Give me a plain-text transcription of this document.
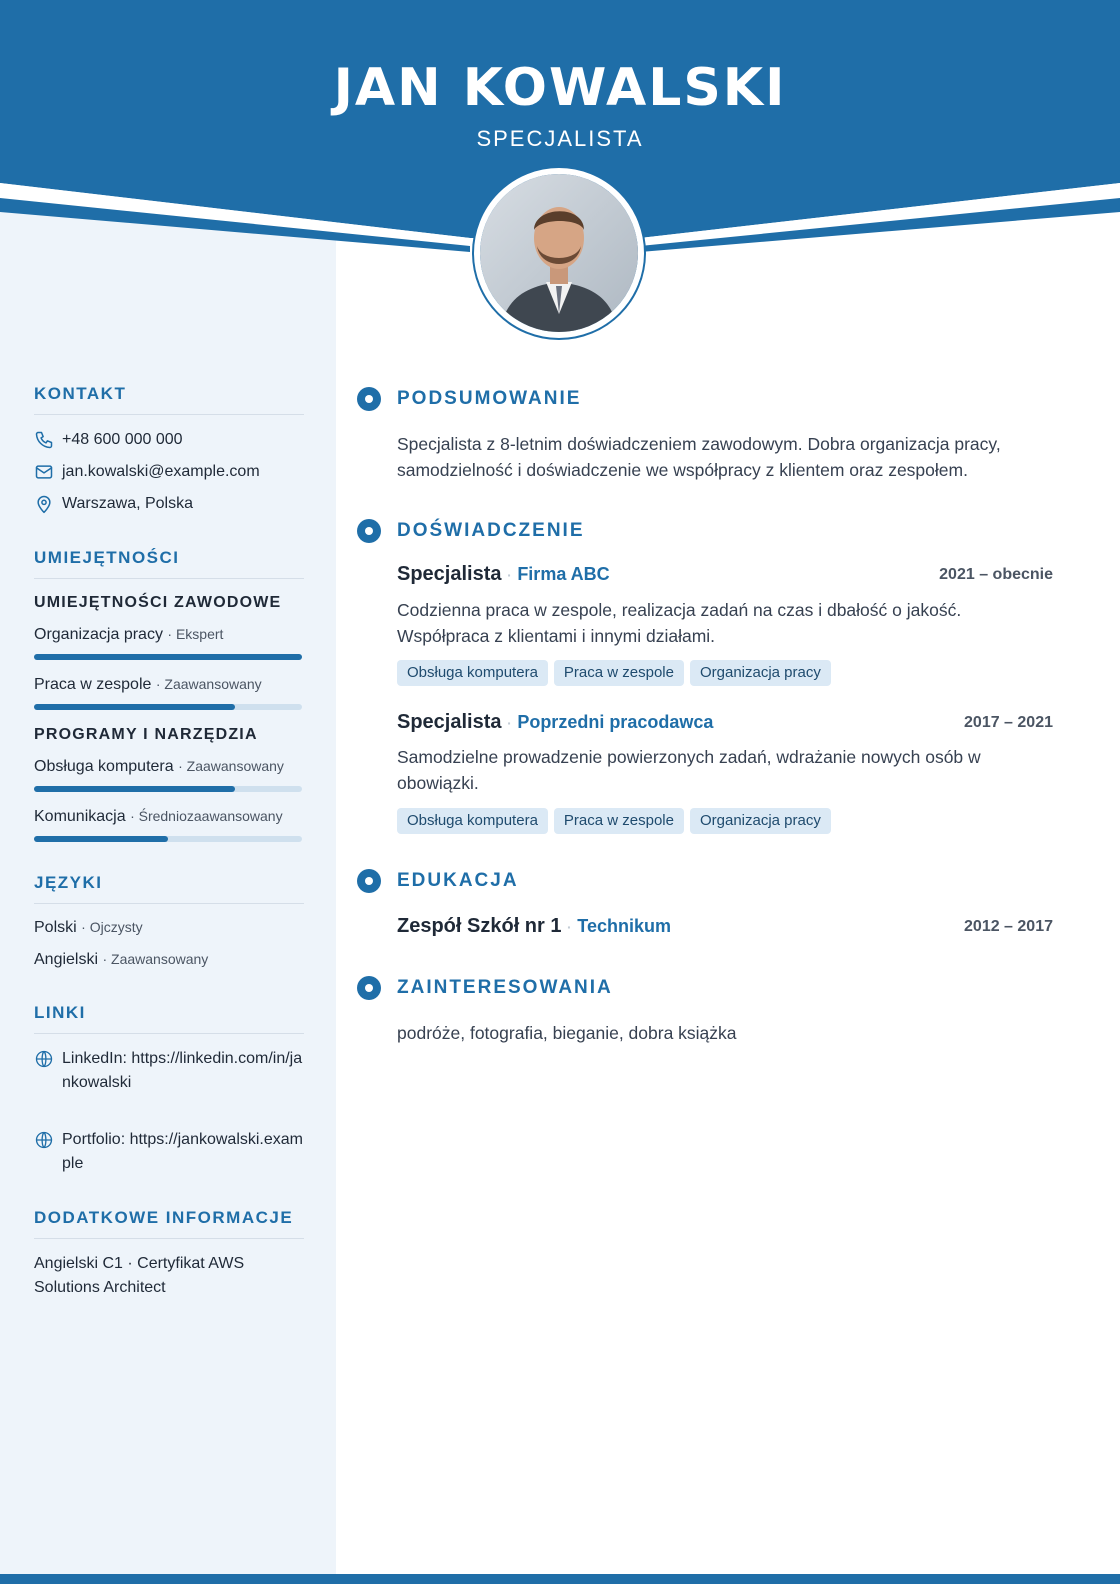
JAN KOWALSKI
SPECJALISTA
KONTAKT
+48 600 000 000
jan.kowalski@example.com
Warszawa, Polska
UMIEJĘTNOŚCI
UMIEJĘTNOŚCI ZAWODOWE
Organizacja pracy · Ekspert
Praca w zespole · Zaawansowany
PROGRAMY I NARZĘDZIA
Obsługa komputera · Zaawansowany
Komunikacja · Średniozaawansowany
JĘZYKI
Polski · Ojczysty
Angielski · Zaawansowany
LINKI
LinkedIn: https://linkedin.com/in/jankowalski
Portfolio: https://jankowalski.example
DODATKOWE INFORMACJE
Angielski C1 · Certyfikat AWS Solutions Architect
PODSUMOWANIE
Specjalista z 8-letnim doświadczeniem zawodowym. Dobra organizacja pracy, samodzielność i doświadczenie we współpracy z klientem oraz zespołem.
DOŚWIADCZENIE
Specjalista · Firma ABC	2021 – obecnie
Codzienna praca w zespole, realizacja zadań na czas i dbałość o jakość. Współpraca z klientami i innymi działami.
Obsługa komputera	Praca w zespole	Organizacja pracy
Specjalista · Poprzedni pracodawca	2017 – 2021
Samodzielne prowadzenie powierzonych zadań, wdrażanie nowych osób w obowiązki.
Obsługa komputera	Praca w zespole	Organizacja pracy
EDUKACJA
Zespół Szkół nr 1 · Technikum	2012 – 2017
ZAINTERESOWANIA
podróże, fotografia, bieganie, dobra książka
